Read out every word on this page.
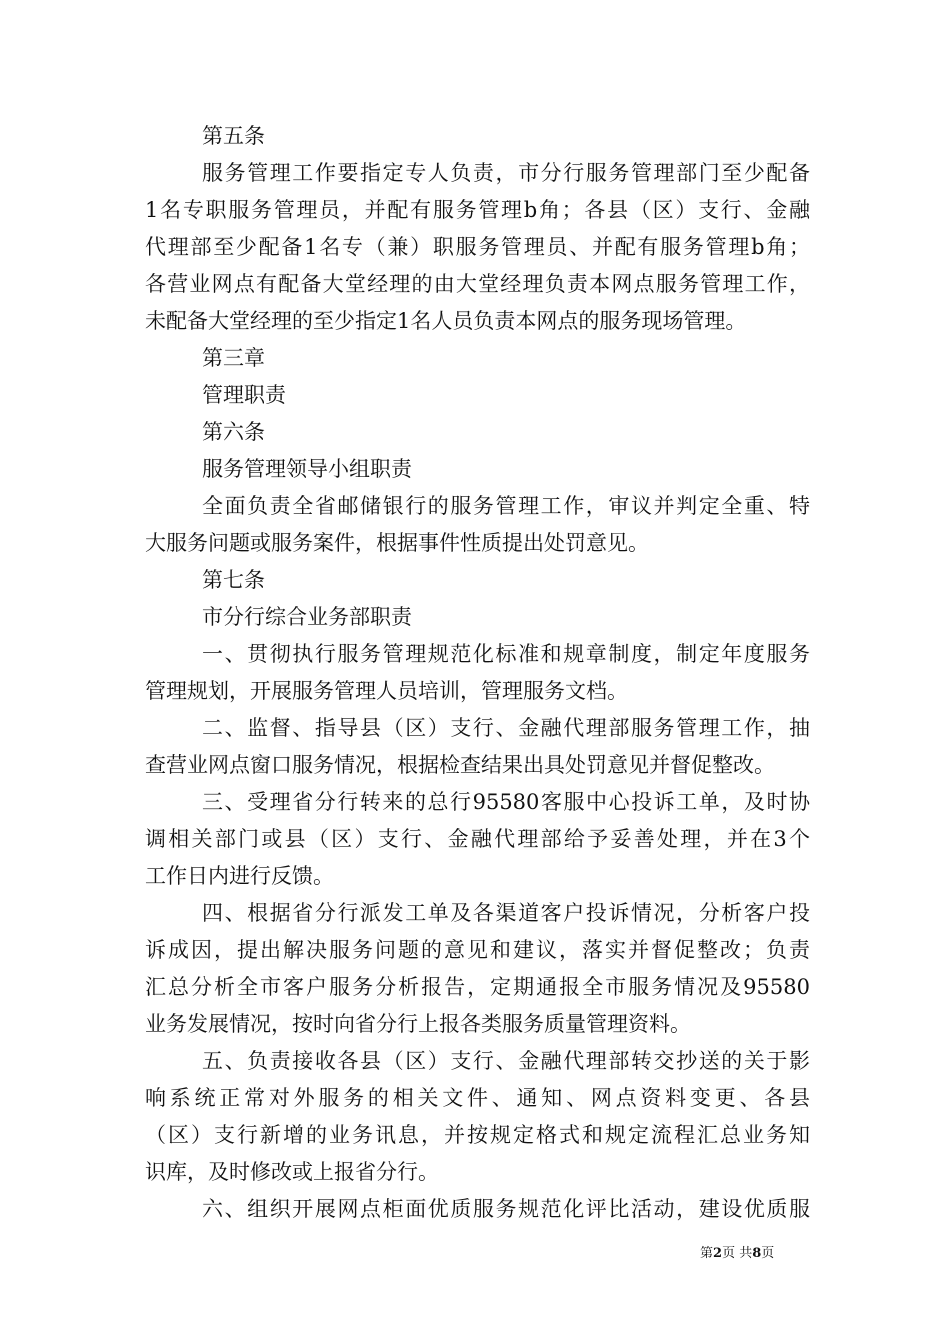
第五条
服务管理工作要指定专人负责，市分行服务管理部门至少配备
1名专职服务管理员，并配有服务管理b角；各县（区）支行、金融
代理部至少配备1名专（兼）职服务管理员、并配有服务管理b角；
各营业网点有配备大堂经理的由大堂经理负责本网点服务管理工作，
未配备大堂经理的至少指定1名人员负责本网点的服务现场管理。
第三章
管理职责
第六条
服务管理领导小组职责
全面负责全省邮储银行的服务管理工作，审议并判定全重、特
大服务问题或服务案件，根据事件性质提出处罚意见。
第七条
市分行综合业务部职责
一、贯彻执行服务管理规范化标准和规章制度，制定年度服务
管理规划，开展服务管理人员培训，管理服务文档。
二、监督、指导县（区）支行、金融代理部服务管理工作，抽
查营业网点窗口服务情况，根据检查结果出具处罚意见并督促整改。
三、受理省分行转来的总行95580客服中心投诉工单，及时协
调相关部门或县（区）支行、金融代理部给予妥善处理，并在3个
工作日内进行反馈。
四、根据省分行派发工单及各渠道客户投诉情况，分析客户投
诉成因，提出解决服务问题的意见和建议，落实并督促整改；负责
汇总分析全市客户服务分析报告，定期通报全市服务情况及95580
业务发展情况，按时向省分行上报各类服务质量管理资料。
五、负责接收各县（区）支行、金融代理部转交抄送的关于影
响系统正常对外服务的相关文件、通知、网点资料变更、各县
（区）支行新增的业务讯息，并按规定格式和规定流程汇总业务知
识库，及时修改或上报省分行。
六、组织开展网点柜面优质服务规范化评比活动，建设优质服
第2页 共8页
